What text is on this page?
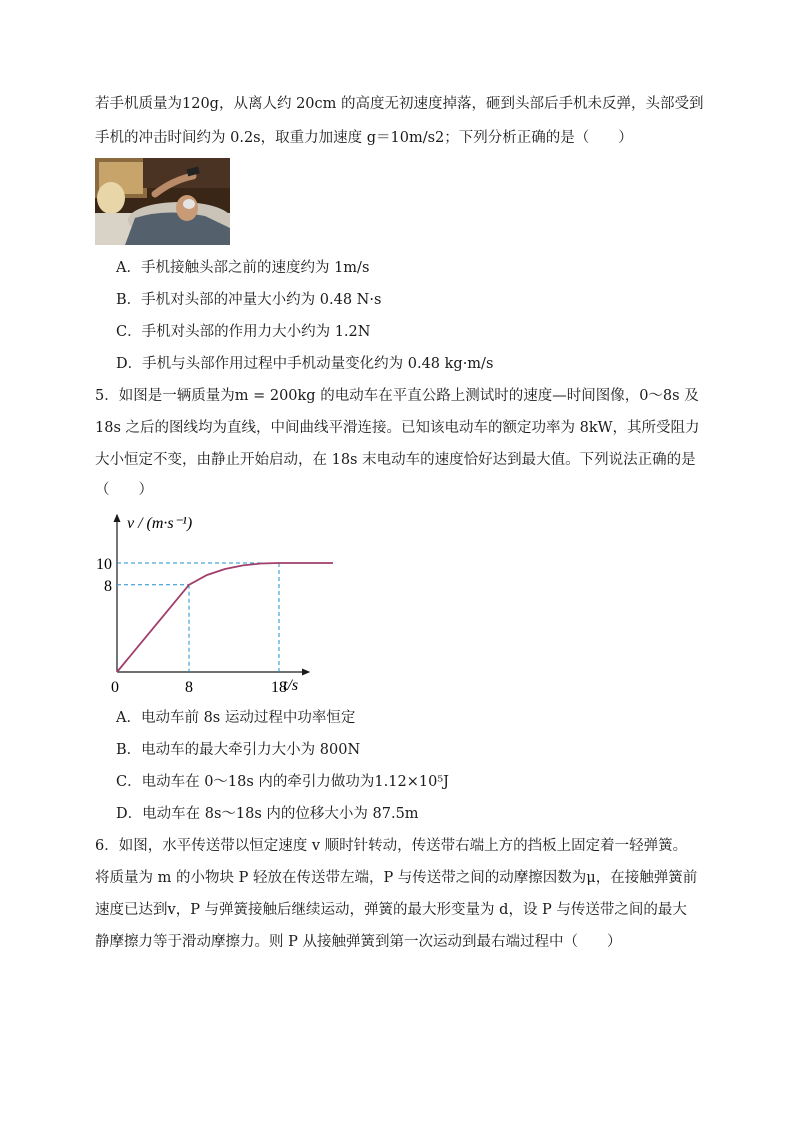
若手机质量为120g，从离人约 20cm 的高度无初速度掉落，砸到头部后手机未反弹，头部受到
手机的冲击时间约为 0.2s，取重力加速度 g＝10m/s2；下列分析正确的是（　　）
A．手机接触头部之前的速度约为 1m/s
B．手机对头部的冲量大小约为 0.48 N·s
C．手机对头部的作用力大小约为 1.2N
D．手机与头部作用过程中手机动量变化约为 0.48 kg·m/s
5．如图是一辆质量为m = 200kg 的电动车在平直公路上测试时的速度—时间图像，0～8s 及
18s 之后的图线均为直线，中间曲线平滑连接。已知该电动车的额定功率为 8kW，其所受阻力
大小恒定不变，由静止开始启动，在 18s 末电动车的速度恰好达到最大值。下列说法正确的是
（　　）
v / (m·s⁻¹)
t/s
0	8	18
8
10
A．电动车前 8s 运动过程中功率恒定
B．电动车的最大牵引力大小为 800N
C．电动车在 0～18s 内的牵引力做功为1.12×10⁵J
D．电动车在 8s～18s 内的位移大小为 87.5m
6．如图，水平传送带以恒定速度 v 顺时针转动，传送带右端上方的挡板上固定着一轻弹簧。
将质量为 m 的小物块 P 轻放在传送带左端，P 与传送带之间的动摩擦因数为μ，在接触弹簧前
速度已达到v，P 与弹簧接触后继续运动，弹簧的最大形变量为 d，设 P 与传送带之间的最大
静摩擦力等于滑动摩擦力。则 P 从接触弹簧到第一次运动到最右端过程中（　　）
